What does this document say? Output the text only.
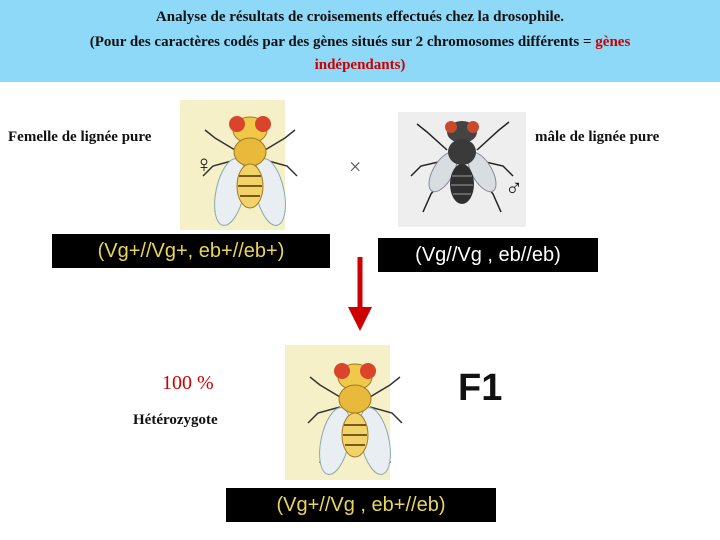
Analyse de résultats de croisements effectués chez la drosophile.
(Pour des caractères codés par des gènes situés sur 2 chromosomes différents = gènes
indépendants)
Femelle de lignée pure
♀
(Vg+//Vg+, eb+//eb+)
×
mâle de lignée pure
♂
(Vg//Vg , eb//eb)
100 %
Hétérozygote
F1
(Vg+//Vg , eb+//eb)
